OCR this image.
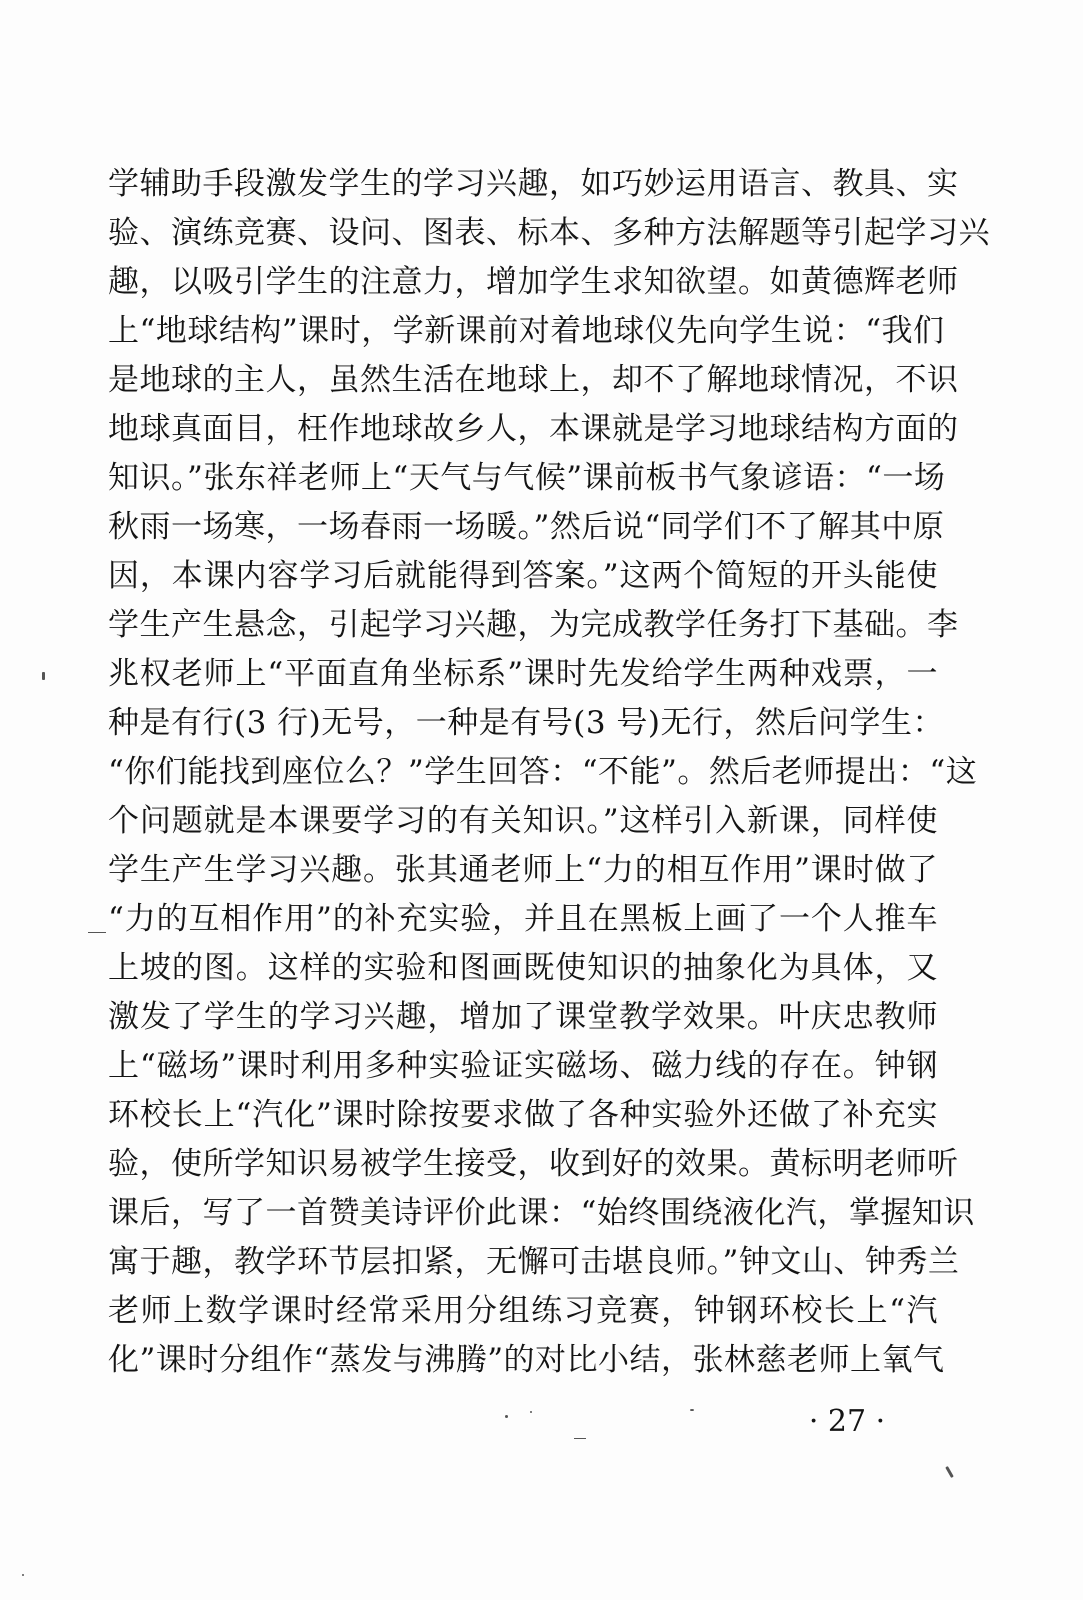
学辅助手段激发学生的学习兴趣，如巧妙运用语言、教具、实
验、演练竞赛、设问、图表、标本、多种方法解题等引起学习兴
趣，以吸引学生的注意力，增加学生求知欲望。如黄德辉老师
上“地球结构”课时，学新课前对着地球仪先向学生说：“我们
是地球的主人，虽然生活在地球上，却不了解地球情况，不识
地球真面目，枉作地球故乡人，本课就是学习地球结构方面的
知识。”张东祥老师上“天气与气候”课前板书气象谚语：“一场
秋雨一场寒，一场春雨一场暖。”然后说“同学们不了解其中原
因，本课内容学习后就能得到答案。”这两个简短的开头能使
学生产生悬念，引起学习兴趣，为完成教学任务打下基础。李
兆权老师上“平面直角坐标系”课时先发给学生两种戏票，一
种是有行(3 行)无号，一种是有号(3 号)无行，然后问学生：
“你们能找到座位么？”学生回答：“不能”。然后老师提出：“这
个问题就是本课要学习的有关知识。”这样引入新课，同样使
学生产生学习兴趣。张其通老师上“力的相互作用”课时做了
“力的互相作用”的补充实验，并且在黑板上画了一个人推车
上坡的图。这样的实验和图画既使知识的抽象化为具体，又
激发了学生的学习兴趣，增加了课堂教学效果。叶庆忠教师
上“磁场”课时利用多种实验证实磁场、磁力线的存在。钟钢
环校长上“汽化”课时除按要求做了各种实验外还做了补充实
验，使所学知识易被学生接受，收到好的效果。黄标明老师听
课后，写了一首赞美诗评价此课：“始终围绕液化汽，掌握知识
寓于趣，教学环节层扣紧，无懈可击堪良师。”钟文山、钟秀兰
老师上数学课时经常采用分组练习竞赛，钟钢环校长上“汽
化”课时分组作“蒸发与沸腾”的对比小结，张林慈老师上氧气
· 27 ·
